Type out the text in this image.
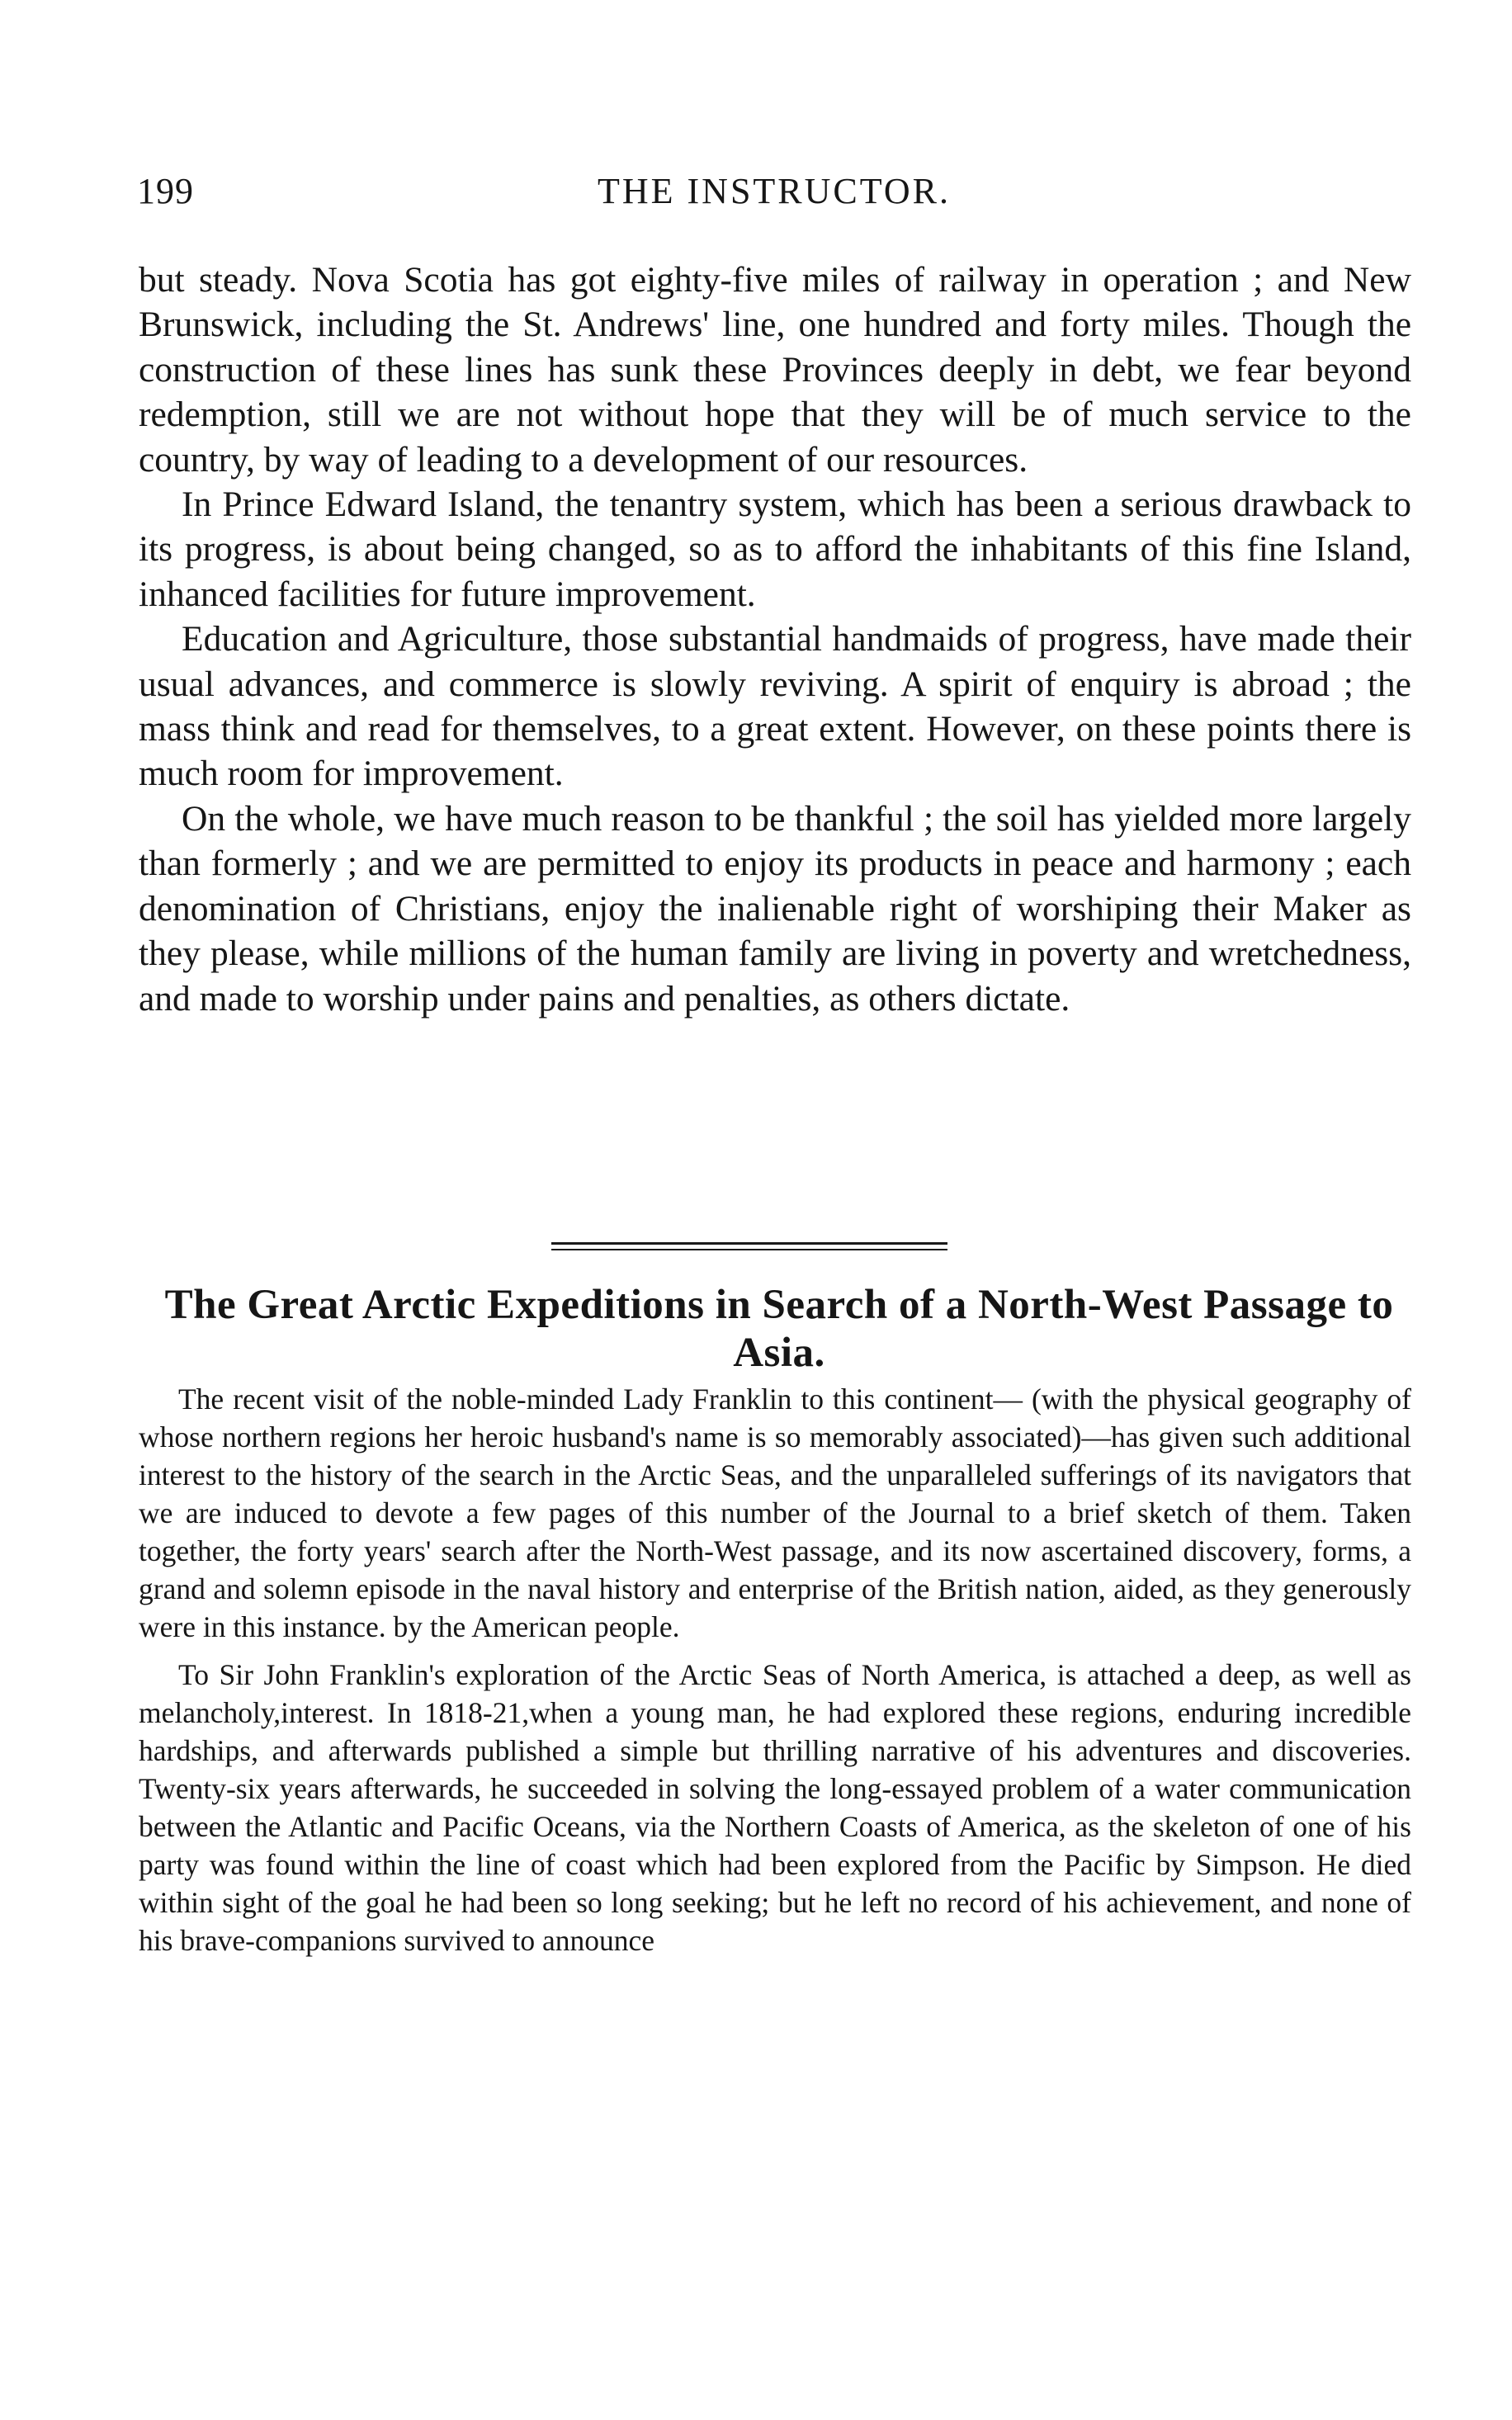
199	THE INSTRUCTOR.

but steady. Nova Scotia has got eighty-five miles of railway in operation ; and New Brunswick, including the St. Andrews' line, one hundred and forty miles. Though the construction of these lines has sunk these Provinces deeply in debt, we fear beyond redemption, still we are not without hope that they will be of much service to the country, by way of leading to a development of our resources.

In Prince Edward Island, the tenantry system, which has been a serious drawback to its progress, is about being changed, so as to afford the inhabitants of this fine Island, inhanced facilities for future improvement.

Education and Agriculture, those substantial handmaids of progress, have made their usual advances, and commerce is slowly reviving. A spirit of enquiry is abroad ; the mass think and read for themselves, to a great extent. However, on these points there is much room for improvement.

On the whole, we have much reason to be thankful ; the soil has yielded more largely than formerly ; and we are permitted to enjoy its products in peace and harmony ; each denomination of Christians, enjoy the inalienable right of worshiping their Maker as they please, while millions of the human family are living in poverty and wretchedness, and made to worship under pains and penalties, as others dictate.

The Great Arctic Expeditions in Search of a North-West Passage to Asia.

The recent visit of the noble-minded Lady Franklin to this continent— (with the physical geography of whose northern regions her heroic husband's name is so memorably associated)—has given such additional interest to the history of the search in the Arctic Seas, and the unparalleled sufferings of its navigators that we are induced to devote a few pages of this number of the Journal to a brief sketch of them. Taken together, the forty years' search after the North-West passage, and its now ascertained discovery, forms, a grand and solemn episode in the naval history and enterprise of the British nation, aided, as they generously were in this instance. by the American people.

To Sir John Franklin's exploration of the Arctic Seas of North America, is attached a deep, as well as melancholy,interest. In 1818-21,when a young man, he had explored these regions, enduring incredible hardships, and afterwards published a simple but thrilling narrative of his adventures and discoveries. Twenty-six years afterwards, he succeeded in solving the long-essayed problem of a water communication between the Atlantic and Pacific Oceans, via the Northern Coasts of America, as the skeleton of one of his party was found within the line of coast which had been explored from the Pacific by Simpson. He died within sight of the goal he had been so long seeking; but he left no record of his achievement, and none of his brave-companions survived to announce
